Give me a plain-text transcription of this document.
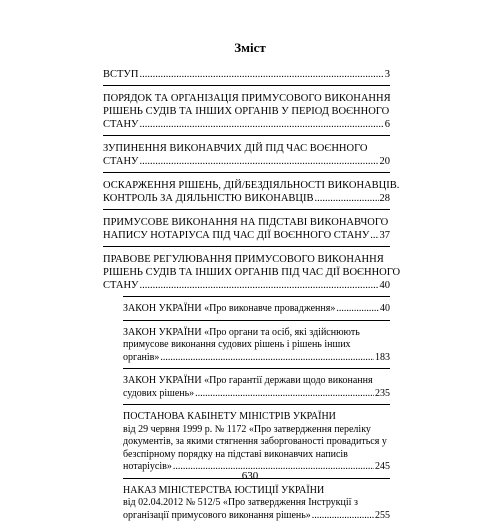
Зміст
ВСТУП .....	3
ПОРЯДОК ТА ОРГАНІЗАЦІЯ ПРИМУСОВОГО ВИКОНАННЯ
РІШЕНЬ СУДІВ ТА ІНШИХ ОРГАНІВ У ПЕРІОД ВОЄННОГО
СТАНУ .....	6
ЗУПИНЕННЯ ВИКОНАВЧИХ ДІЙ ПІД ЧАС ВОЄННОГО
СТАНУ .....	20
ОСКАРЖЕННЯ РІШЕНЬ, ДІЙ/БЕЗДІЯЛЬНОСТІ ВИКОНАВЦІВ.
КОНТРОЛЬ ЗА ДІЯЛЬНІСТЮ ВИКОНАВЦІВ .....	28
ПРИМУСОВЕ ВИКОНАННЯ НА ПІДСТАВІ ВИКОНАВЧОГО
НАПИСУ НОТАРІУСА ПІД ЧАС ДІЇ ВОЄННОГО СТАНУ ..... 37
ПРАВОВЕ РЕГУЛЮВАННЯ ПРИМУСОВОГО ВИКОНАННЯ
РІШЕНЬ СУДІВ ТА ІНШИХ ОРГАНІВ ПІД ЧАС ДІЇ ВОЄННОГО
СТАНУ .....	40
ЗАКОН УКРАЇНИ «Про виконавче провадження» .....	40
ЗАКОН УКРАЇНИ «Про органи та осіб, які здійснюють
примусове виконання судових рішень і рішень інших
органів» .....	183
ЗАКОН УКРАЇНИ «Про гарантії держави щодо виконання
судових рішень» .....	235
ПОСТАНОВА КАБІНЕТУ МІНІСТРІВ УКРАЇНИ
від 29 червня 1999 р. № 1172 «Про затвердження переліку
документів, за якими стягнення заборгованості провадиться у
безспірному порядку на підставі виконавчих написів
нотаріусів» .....	245
НАКАЗ МІНІСТЕРСТВА ЮСТИЦІЇ УКРАЇНИ
від 02.04.2012 № 512/5 «Про затвердження Інструкції з
організації примусового виконання рішень» .....	255
630
